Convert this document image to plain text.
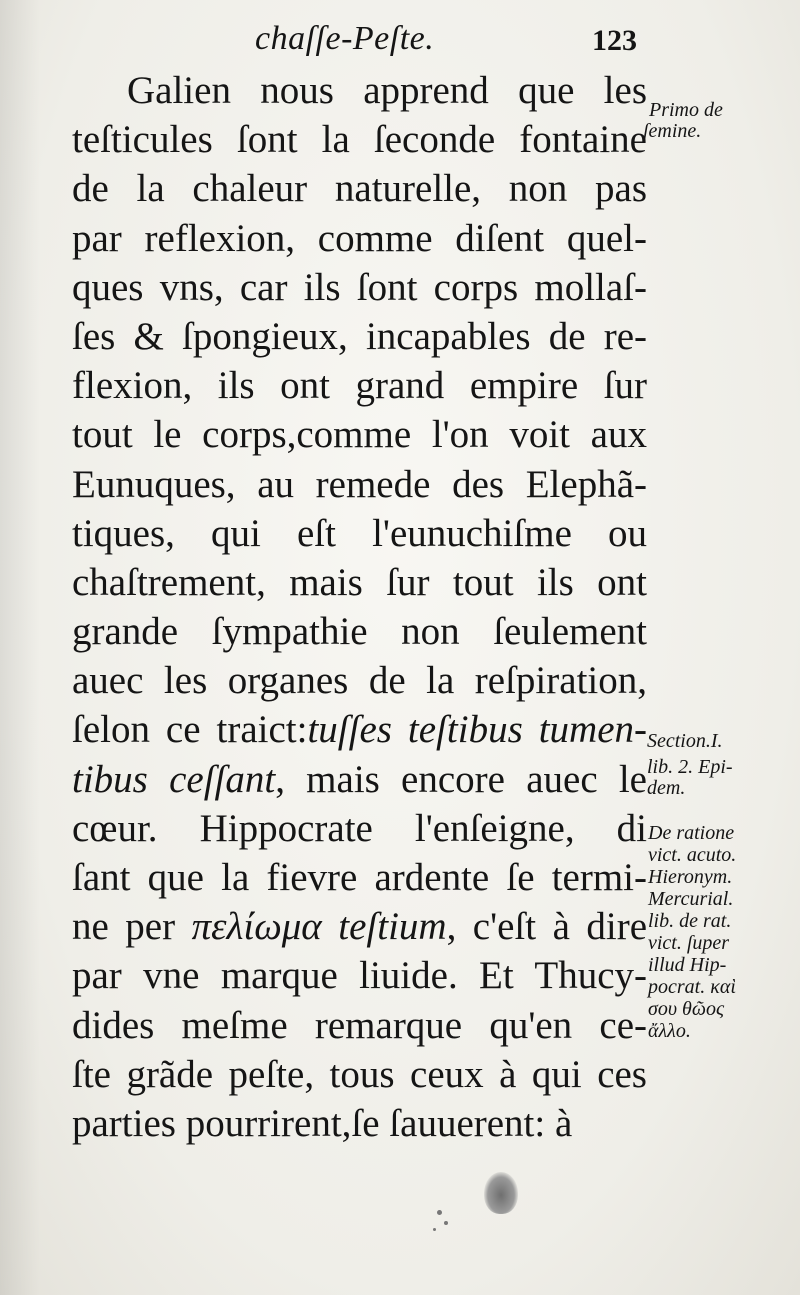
chaſſe-Peſte.	123
Galien nous apprend que les
teſticules ſont la ſeconde fontaine
de la chaleur naturelle, non pas
par reflexion, comme diſent quel-
ques vns, car ils ſont corps mollaſ-
ſes & ſpongieux, incapables de re-
flexion, ils ont grand empire ſur
tout le corps,comme l'on voit aux
Eunuques, au remede des Elephã-
tiques, qui eſt l'eunuchiſme ou
chaſtrement, mais ſur tout ils ont
grande ſympathie non ſeulement
auec les organes de la reſpiration,
ſelon ce traict:tuſſes teſtibus tumen-
tibus ceſſant, mais encore auec le
cœur. Hippocrate l'enſeigne, di
ſant que la fievre ardente ſe termi-
ne per πελίωμα teſtium, c'eſt à dire
par vne marque liuide. Et Thucy-
dides meſme remarque qu'en ce-
ſte grãde peſte, tous ceux à qui ces
parties pourrirent,ſe ſauuerent: à
Primo de
ſemine.
Section.I.
lib. 2. Epi-
dem.
De ratione
vict. acuto.
Hieronym.
Mercurial.
lib. de rat.
vict. ſuper
illud Hip-
pocrat. καὶ
σου θῶος
ἄλλο.
